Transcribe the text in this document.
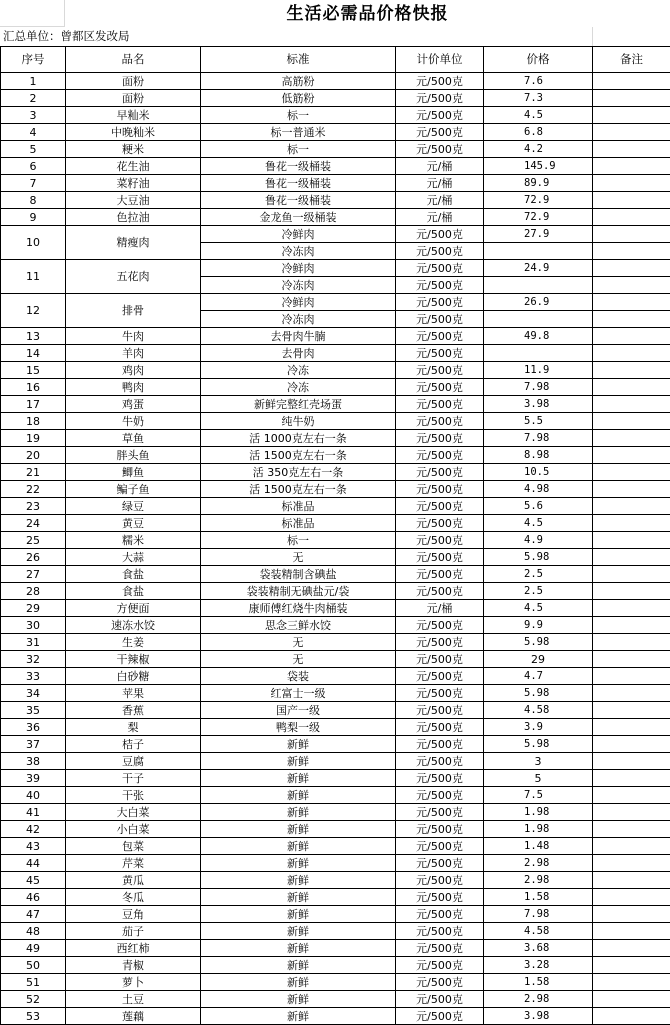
生活必需品价格快报
汇总单位：曾都区发改局
序号	品名	标准	计价单位	价格	备注
1	面粉	高筋粉	元/500克	7.6	
2	面粉	低筋粉	元/500克	7.3	
3	早籼米	标一	元/500克	4.5	
4	中晚籼米	标一普通米	元/500克	6.8	
5	粳米	标一	元/500克	4.2	
6	花生油	鲁花一级桶装	元/桶	145.9	
7	菜籽油	鲁花一级桶装	元/桶	89.9	
8	大豆油	鲁花一级桶装	元/桶	72.9	
9	色拉油	金龙鱼一级桶装	元/桶	72.9	
10	精瘦肉	冷鲜肉	元/500克	27.9	
		冷冻肉	元/500克		
11	五花肉	冷鲜肉	元/500克	24.9	
		冷冻肉	元/500克		
12	排骨	冷鲜肉	元/500克	26.9	
		冷冻肉	元/500克		
13	牛肉	去骨肉牛腩	元/500克	49.8	
14	羊肉	去骨肉	元/500克		
15	鸡肉	冷冻	元/500克	11.9	
16	鸭肉	冷冻	元/500克	7.98	
17	鸡蛋	新鲜完整红壳场蛋	元/500克	3.98	
18	牛奶	纯牛奶	元/500克	5.5	
19	草鱼	活 1000克左右一条	元/500克	7.98	
20	胖头鱼	活 1500克左右一条	元/500克	8.98	
21	鲫鱼	活 350克左右一条	元/500克	10.5	
22	鳊子鱼	活 1500克左右一条	元/500克	4.98	
23	绿豆	标准品	元/500克	5.6	
24	黄豆	标准品	元/500克	4.5	
25	糯米	标一	元/500克	4.9	
26	大蒜	无	元/500克	5.98	
27	食盐	袋装精制含碘盐	元/500克	2.5	
28	食盐	袋装精制无碘盐元/袋	元/500克	2.5	
29	方便面	康师傅红烧牛肉桶装	元/桶	4.5	
30	速冻水饺	思念三鲜水饺	元/500克	9.9	
31	生姜	无	元/500克	5.98	
32	干辣椒	无	元/500克	29	
33	白砂糖	袋装	元/500克	4.7	
34	苹果	红富士一级	元/500克	5.98	
35	香蕉	国产一级	元/500克	4.58	
36	梨	鸭梨一级	元/500克	3.9	
37	桔子	新鲜	元/500克	5.98	
38	豆腐	新鲜	元/500克	3	
39	干子	新鲜	元/500克	5	
40	干张	新鲜	元/500克	7.5	
41	大白菜	新鲜	元/500克	1.98	
42	小白菜	新鲜	元/500克	1.98	
43	包菜	新鲜	元/500克	1.48	
44	芹菜	新鲜	元/500克	2.98	
45	黄瓜	新鲜	元/500克	2.98	
46	冬瓜	新鲜	元/500克	1.58	
47	豆角	新鲜	元/500克	7.98	
48	茄子	新鲜	元/500克	4.58	
49	西红柿	新鲜	元/500克	3.68	
50	青椒	新鲜	元/500克	3.28	
51	萝卜	新鲜	元/500克	1.58	
52	土豆	新鲜	元/500克	2.98	
53	莲藕	新鲜	元/500克	3.98	
